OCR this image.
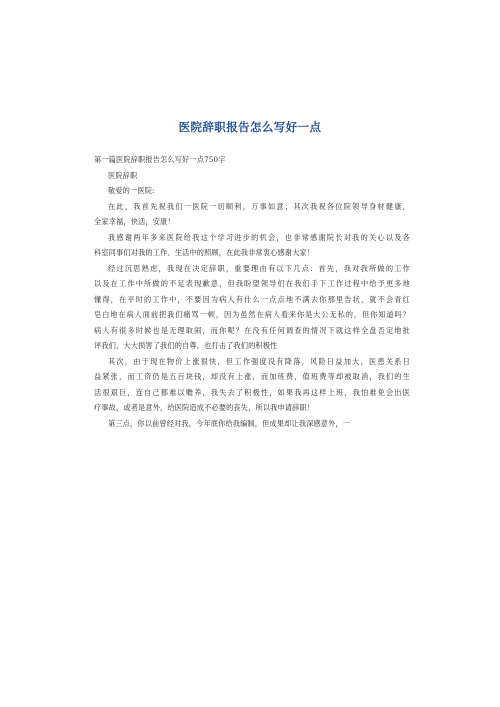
医院辞职报告怎么写好一点
第一篇医院辞职报告怎么写好一点750字
医院辞职
敬爱的一医院:
在此，我首先祝我们一医院一切顺利，万事如意；其次我祝各位院领导身材健康，
全家幸福，快活，安康！
我感谢两年多来医院给我这个学习进步的机会，也非常感谢院长对我的关心以及各
科室同事们对我的工作、生活中的照顾，在此我非常衷心感谢大家！
经过沉思熟虑，我现在决定辞职，重要理由有以下几点：首先，我对我所做的工作
以及在工作中所做的不足表现歉意，但我盼望领导们在我们手下工作过程中给予更多地
懂得，在平时的工作中，不要因为病人有什么一点点地不满去你那里告状，就不会青红
皂白地在病人面前把我们痛骂一顿，因为虽然在病人看来你是大公无私的，但你知道吗？
病人有很多时候也是无理取闹，而你呢？在没有任何调查的情况下就这样全盘否定地批
评我们，大大损害了我们的自尊，也打击了我们的积极性
其次，由于现在物价上涨很快，但工作强度没有降落，风险日益加大，医患关系日
益紧张，而工资仍是五百块钱，却没有上涨，而加班费，值班费等却被取消，我们的生
活很艰巨，连自己都难以赡养，我失去了积极性，如果我再这样上班，我怕难免会出医
疗事故，或者是意外，给医院造成不必要的丧失，所以我申请辞职！
第三点，你以前曾经对我，今年底你给我编制，但成果却让我深感意外，一
